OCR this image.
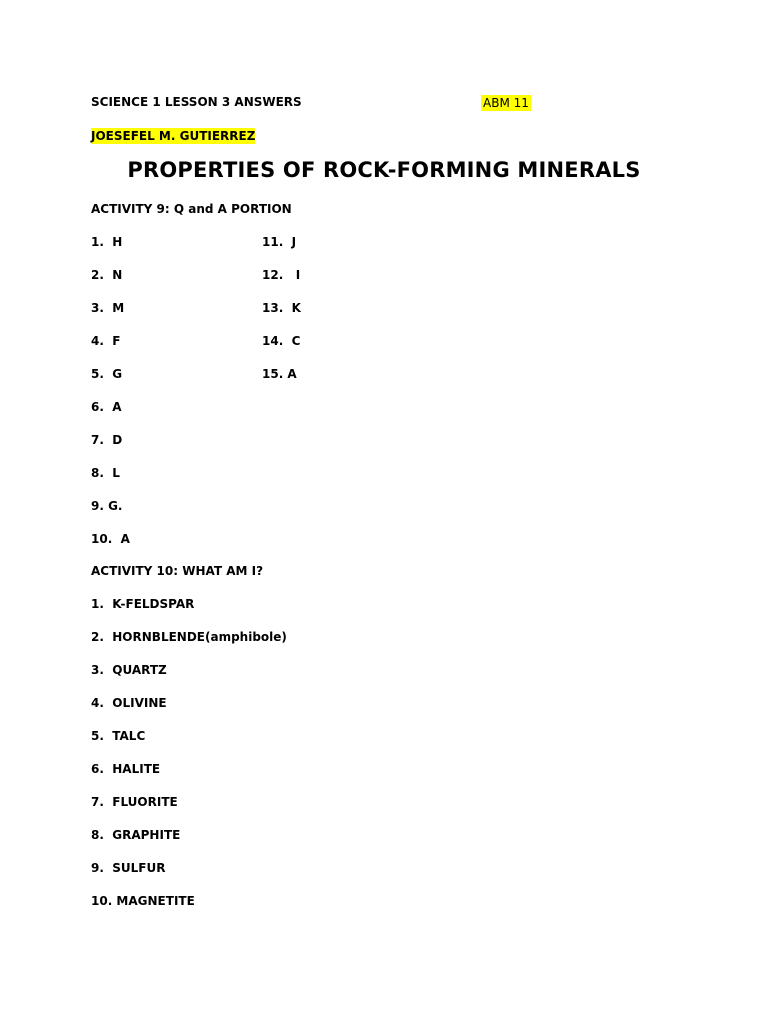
SCIENCE 1 LESSON 3 ANSWERS	ABM 11
JOESEFEL M. GUTIERREZ
PROPERTIES OF ROCK-FORMING MINERALS
ACTIVITY 9: Q and A PORTION
1.  H
2.  N
3.  M
4.  F
5.  G
6.  A
7.  D
8.  L
9. G.
10.  A
11.  J
12.   I
13.  K
14.  C
15. A
ACTIVITY 10: WHAT AM I?
1.  K-FELDSPAR
2.  HORNBLENDE(amphibole)
3.  QUARTZ
4.  OLIVINE
5.  TALC
6.  HALITE
7.  FLUORITE
8.  GRAPHITE
9.  SULFUR
10. MAGNETITE
